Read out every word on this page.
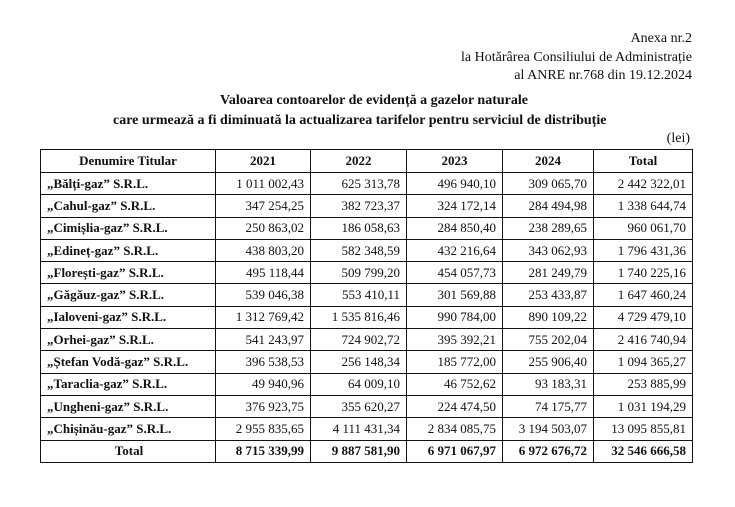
Anexa nr.2
la Hotărârea Consiliului de Administrație
al ANRE nr.768 din 19.12.2024
Valoarea contoarelor de evidență a gazelor naturale
care urmează a fi diminuată la actualizarea tarifelor pentru serviciul de distribuție
(lei)
Denumire Titular	2021	2022	2023	2024	Total
„Bălți-gaz” S.R.L.	1 011 002,43	625 313,78	496 940,10	309 065,70	2 442 322,01
„Cahul-gaz” S.R.L.	347 254,25	382 723,37	324 172,14	284 494,98	1 338 644,74
„Cimișlia-gaz” S.R.L.	250 863,02	186 058,63	284 850,40	238 289,65	960 061,70
„Edineț-gaz” S.R.L.	438 803,20	582 348,59	432 216,64	343 062,93	1 796 431,36
„Florești-gaz” S.R.L.	495 118,44	509 799,20	454 057,73	281 249,79	1 740 225,16
„Găgăuz-gaz” S.R.L.	539 046,38	553 410,11	301 569,88	253 433,87	1 647 460,24
„Ialoveni-gaz” S.R.L.	1 312 769,42	1 535 816,46	990 784,00	890 109,22	4 729 479,10
„Orhei-gaz” S.R.L.	541 243,97	724 902,72	395 392,21	755 202,04	2 416 740,94
„Ștefan Vodă-gaz” S.R.L.	396 538,53	256 148,34	185 772,00	255 906,40	1 094 365,27
„Taraclia-gaz” S.R.L.	49 940,96	64 009,10	46 752,62	93 183,31	253 885,99
„Ungheni-gaz” S.R.L.	376 923,75	355 620,27	224 474,50	74 175,77	1 031 194,29
„Chișinău-gaz” S.R.L.	2 955 835,65	4 111 431,34	2 834 085,75	3 194 503,07	13 095 855,81
Total	8 715 339,99	9 887 581,90	6 971 067,97	6 972 676,72	32 546 666,58
